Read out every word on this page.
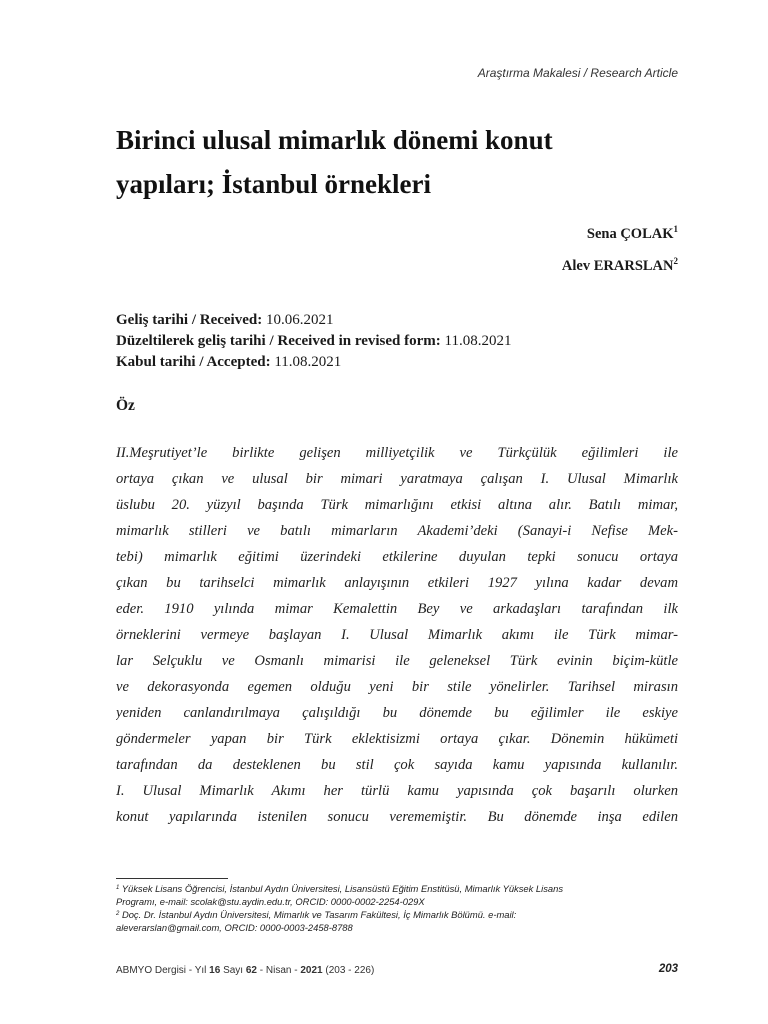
Araştırma Makalesi / Research Article
Birinci ulusal mimarlık dönemi konut
yapıları; İstanbul örnekleri
Sena ÇOLAK$^1$
Alev ERARSLAN$^2$
Geliş tarihi / Received: 10.06.2021
Düzeltilerek geliş tarihi / Received in revised form: 11.08.2021
Kabul tarihi / Accepted: 11.08.2021
Öz
II.Meşrutiyet’le birlikte gelişen milliyetçilik ve Türkçülük eğilimleri ile
ortaya çıkan ve ulusal bir mimari yaratmaya çalışan I. Ulusal Mimarlık
üslubu 20. yüzyıl başında Türk mimarlığını etkisi altına alır. Batılı mimar,
mimarlık stilleri ve batılı mimarların Akademi’deki (Sanayi-i Nefise Mek-
tebi) mimarlık eğitimi üzerindeki etkilerine duyulan tepki sonucu ortaya
çıkan bu tarihselci mimarlık anlayışının etkileri 1927 yılına kadar devam
eder. 1910 yılında mimar Kemalettin Bey ve arkadaşları tarafından ilk
örneklerini vermeye başlayan I. Ulusal Mimarlık akımı ile Türk mimar-
lar Selçuklu ve Osmanlı mimarisi ile geleneksel Türk evinin biçim-kütle
ve dekorasyonda egemen olduğu yeni bir stile yönelirler. Tarihsel mirasın
yeniden canlandırılmaya çalışıldığı bu dönemde bu eğilimler ile eskiye
göndermeler yapan bir Türk eklektisizmi ortaya çıkar. Dönemin hükümeti
tarafından da desteklenen bu stil çok sayıda kamu yapısında kullanılır.
I. Ulusal Mimarlık Akımı her türlü kamu yapısında çok başarılı olurken
konut yapılarında istenilen sonucu verememiştir. Bu dönemde inşa edilen
$^1$ Yüksek Lisans Öğrencisi, İstanbul Aydın Üniversitesi, Lisansüstü Eğitim Enstitüsü, Mimarlık Yüksek Lisans
Programı, e-mail: scolak@stu.aydin.edu.tr, ORCID: 0000-0002-2254-029X
$^2$ Doç. Dr. İstanbul Aydın Üniversitesi, Mimarlık ve Tasarım Fakültesi, İç Mimarlık Bölümü. e-mail:
aleverarslan@gmail.com, ORCID: 0000-0003-2458-8788
ABMYO Dergisi - Yıl 16 Sayı 62 - Nisan - 2021 (203 - 226)	203
